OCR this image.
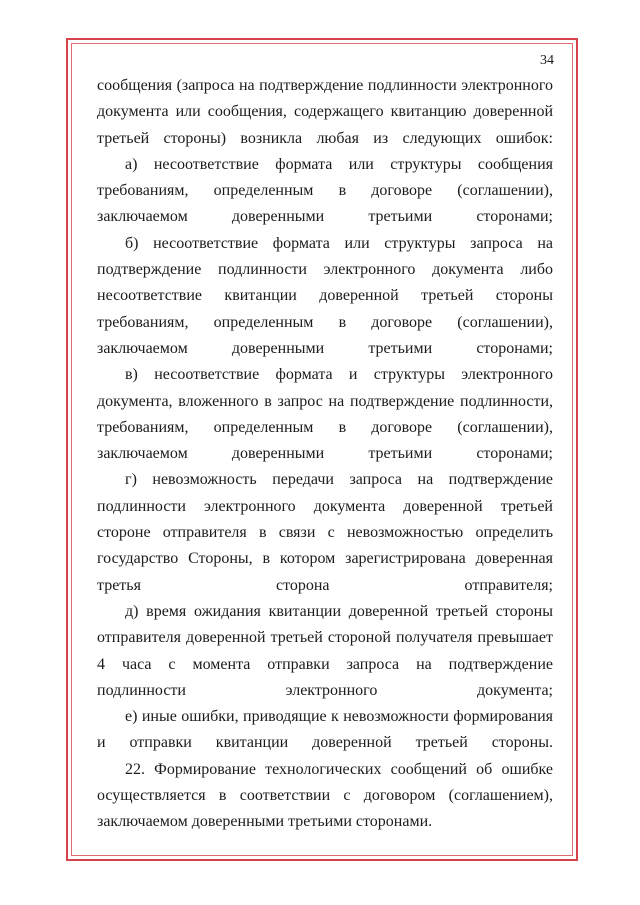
34

сообщения (запроса на подтверждение подлинности электронного документа или сообщения, содержащего квитанцию доверенной третьей стороны) возникла любая из следующих ошибок:

а) несоответствие формата или структуры сообщения требованиям, определенным в договоре (соглашении), заключаемом доверенными третьими сторонами;

б) несоответствие формата или структуры запроса на подтверждение подлинности электронного документа либо несоответствие квитанции доверенной третьей стороны требованиям, определенным в договоре (соглашении), заключаемом доверенными третьими сторонами;

в) несоответствие формата и структуры электронного документа, вложенного в запрос на подтверждение подлинности, требованиям, определенным в договоре (соглашении), заключаемом доверенными третьими сторонами;

г) невозможность передачи запроса на подтверждение подлинности электронного документа доверенной третьей стороне отправителя в связи с невозможностью определить государство Стороны, в котором зарегистрирована доверенная третья сторона отправителя;

д) время ожидания квитанции доверенной третьей стороны отправителя доверенной третьей стороной получателя превышает 4 часа с момента отправки запроса на подтверждение подлинности электронного документа;

е) иные ошибки, приводящие к невозможности формирования и отправки квитанции доверенной третьей стороны.

22. Формирование технологических сообщений об ошибке осуществляется в соответствии с договором (соглашением), заключаемом доверенными третьими сторонами.
